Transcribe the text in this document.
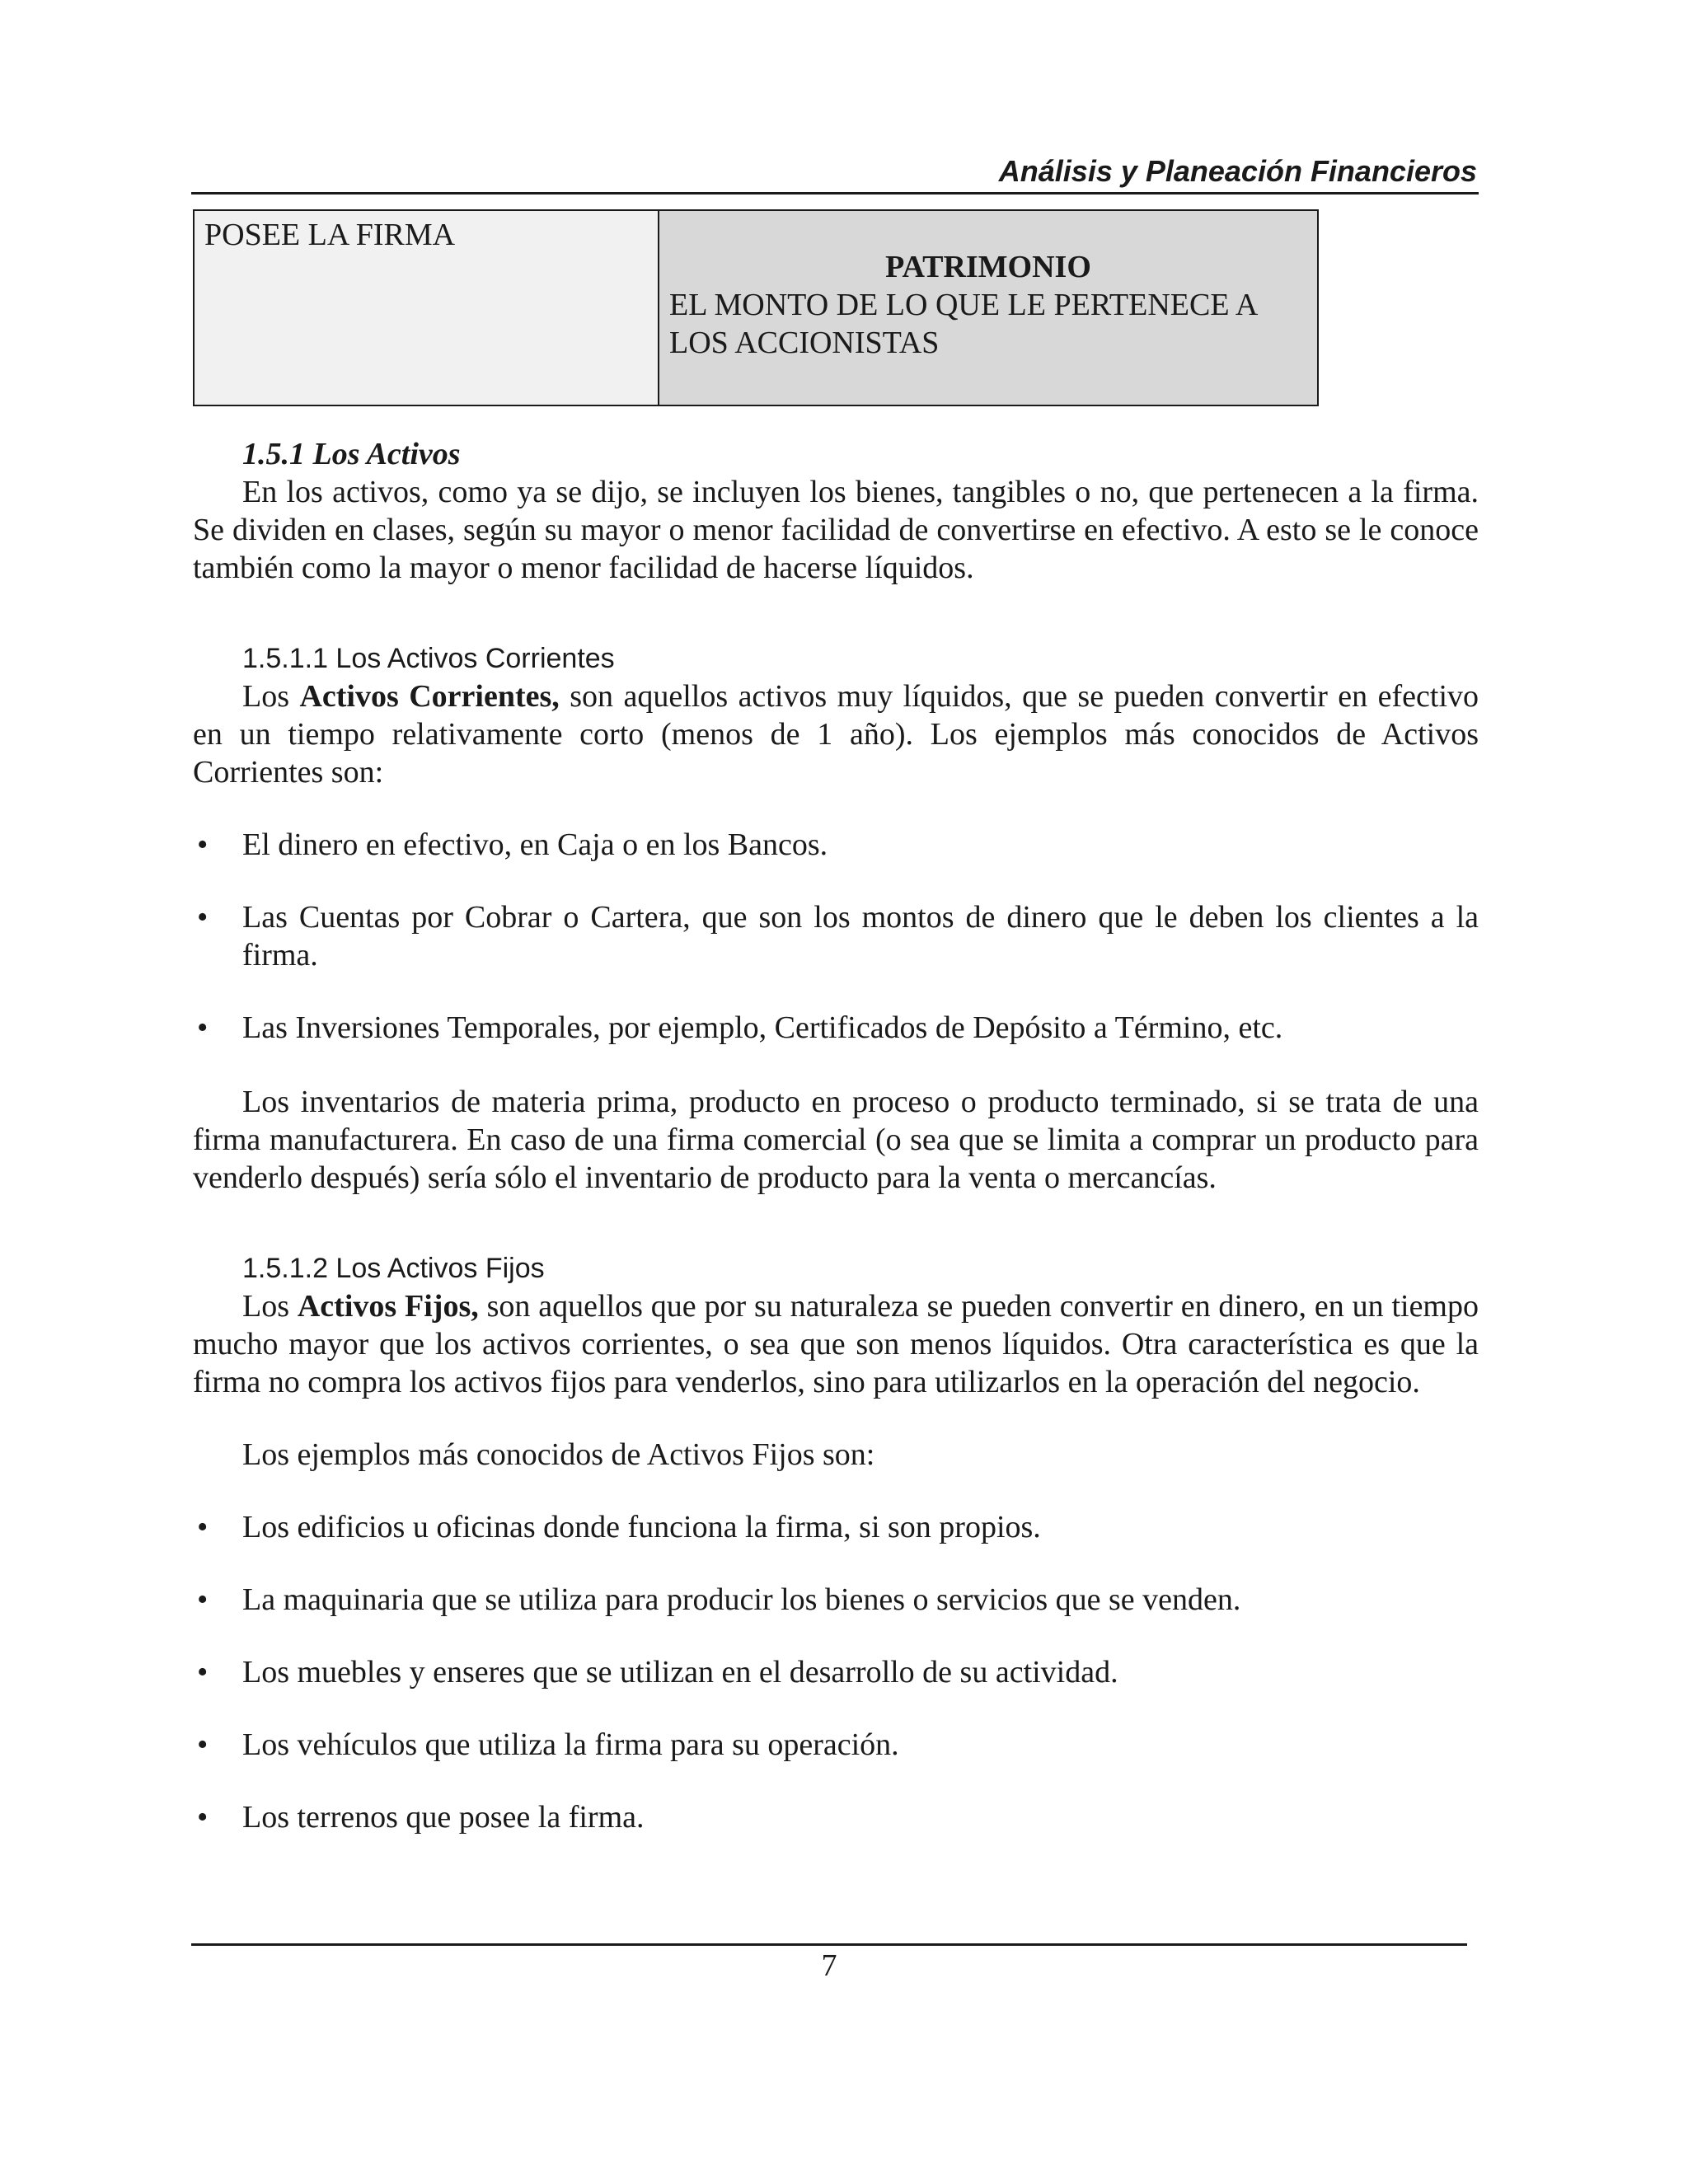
Análisis y Planeación Financieros
POSEE LA FIRMA

PATRIMONIO
EL MONTO DE LO QUE LE PERTENECE A LOS ACCIONISTAS

1.5.1 Los Activos

En los activos, como ya se dijo, se incluyen los bienes, tangibles o no, que pertenecen a la firma. Se dividen en clases, según su mayor o menor facilidad de convertirse en efectivo. A esto se le conoce también como la mayor o menor facilidad de hacerse líquidos.

1.5.1.1 Los Activos Corrientes

Los Activos Corrientes, son aquellos activos muy líquidos, que se pueden convertir en efectivo en un tiempo relativamente corto (menos de 1 año). Los ejemplos más conocidos de Activos Corrientes son:

• El dinero en efectivo, en Caja o en los Bancos.
• Las Cuentas por Cobrar o Cartera, que son los montos de dinero que le deben los clientes a la firma.
• Las Inversiones Temporales, por ejemplo, Certificados de Depósito a Término, etc.

Los inventarios de materia prima, producto en proceso o producto terminado, si se trata de una firma manufacturera. En caso de una firma comercial (o sea que se limita a comprar un producto para venderlo después) sería sólo el inventario de producto para la venta o mercancías.

1.5.1.2 Los Activos Fijos

Los Activos Fijos, son aquellos que por su naturaleza se pueden convertir en dinero, en un tiempo mucho mayor que los activos corrientes, o sea que son menos líquidos. Otra característica es que la firma no compra los activos fijos para venderlos, sino para utilizarlos en la operación del negocio.

Los ejemplos más conocidos de Activos Fijos son:

• Los edificios u oficinas donde funciona la firma, si son propios.
• La maquinaria que se utiliza para producir los bienes o servicios que se venden.
• Los muebles y enseres que se utilizan en el desarrollo de su actividad.
• Los vehículos que utiliza la firma para su operación.
• Los terrenos que posee la firma.
7
